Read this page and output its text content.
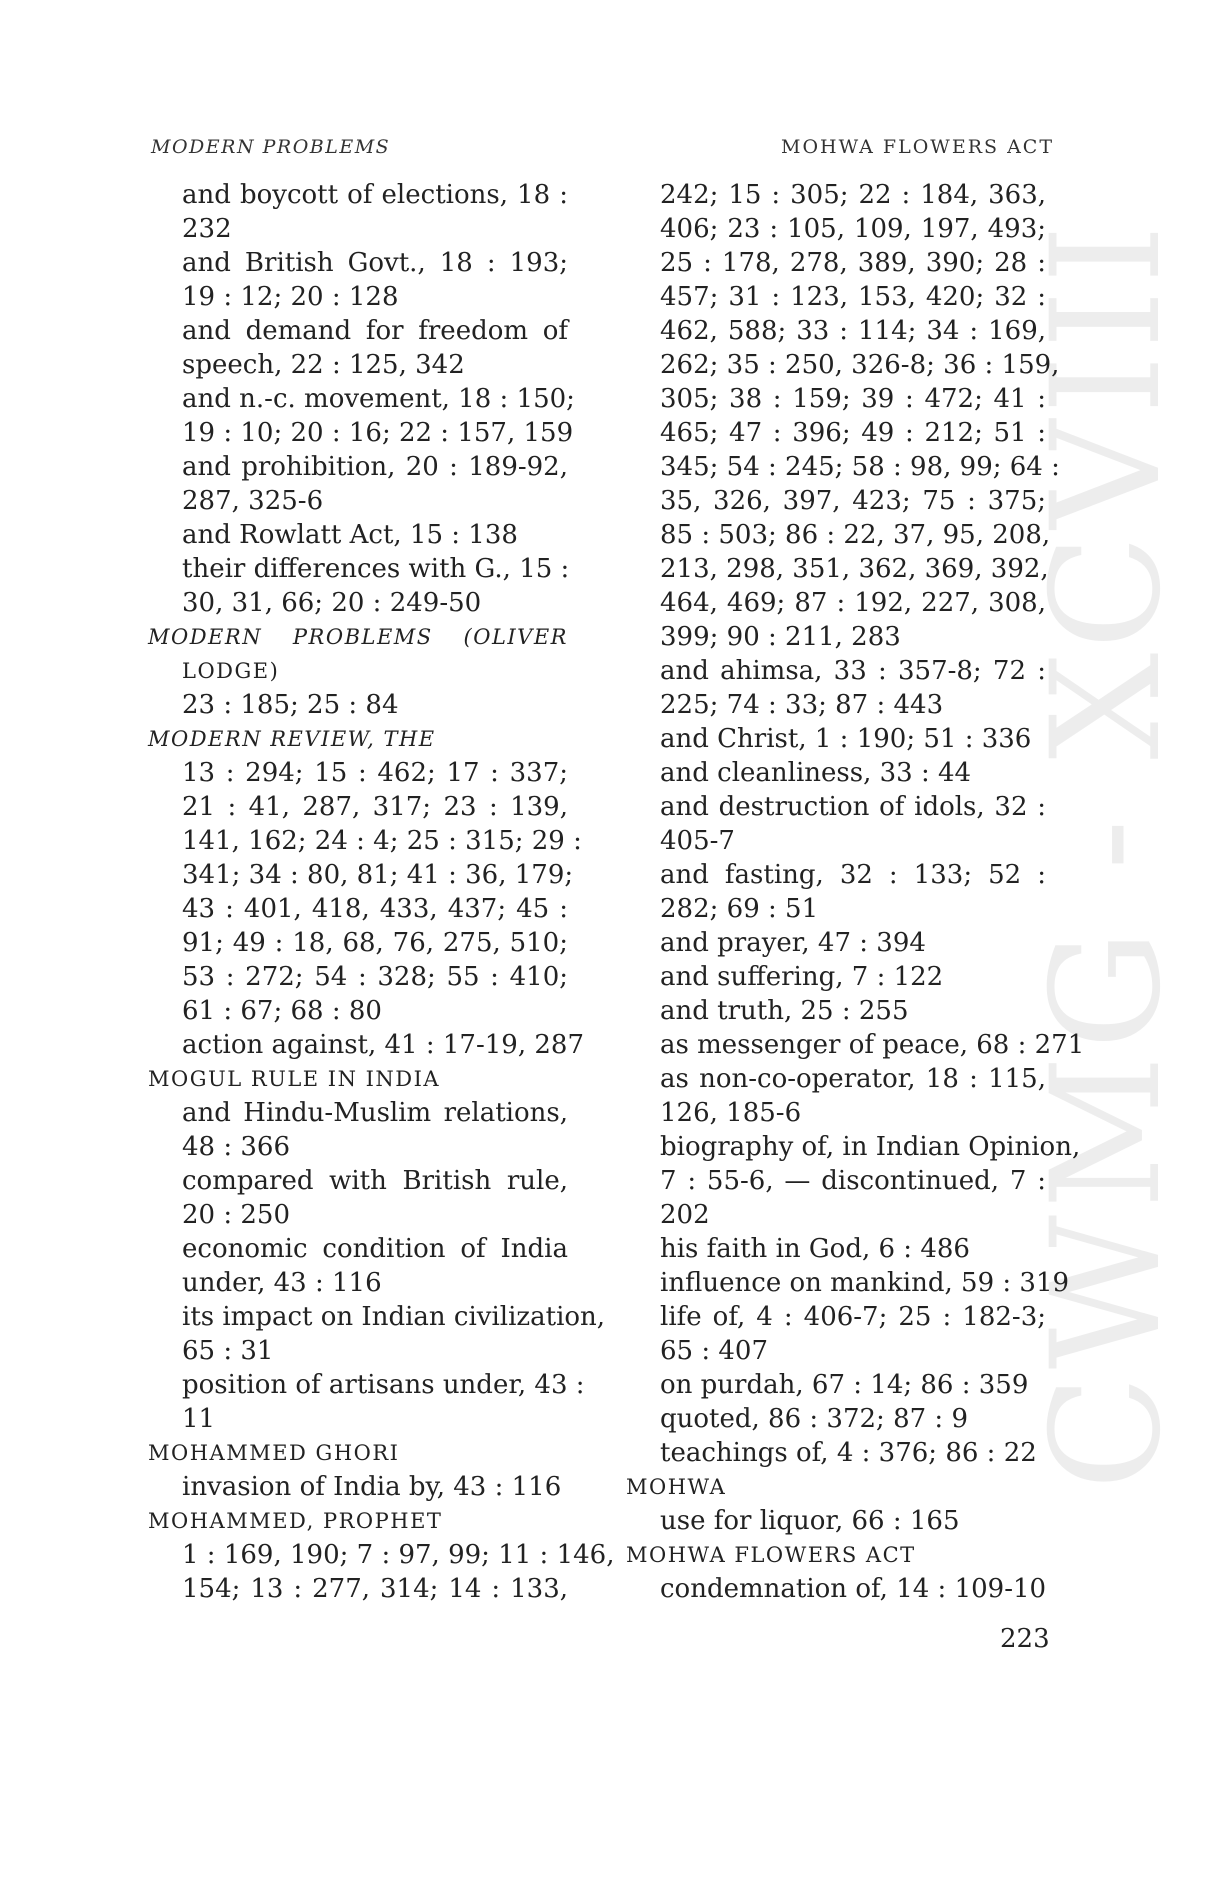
CWMG - XCVIII
MODERN PROBLEMS	MOHWA FLOWERS ACT
and boycott of elections, 18 :
232
and British Govt., 18 : 193;
19 : 12; 20 : 128
and demand for freedom of
speech, 22 : 125, 342
and n.-c. movement, 18 : 150;
19 : 10; 20 : 16; 22 : 157, 159
and prohibition, 20 : 189-92,
287, 325-6
and Rowlatt Act, 15 : 138
their differences with G., 15 :
30, 31, 66; 20 : 249-50
MODERN PROBLEMS (OLIVER
LODGE)
23 : 185; 25 : 84
MODERN REVIEW, THE
13 : 294; 15 : 462; 17 : 337;
21 : 41, 287, 317; 23 : 139,
141, 162; 24 : 4; 25 : 315; 29 :
341; 34 : 80, 81; 41 : 36, 179;
43 : 401, 418, 433, 437; 45 :
91; 49 : 18, 68, 76, 275, 510;
53 : 272; 54 : 328; 55 : 410;
61 : 67; 68 : 80
action against, 41 : 17-19, 287
MOGUL RULE IN INDIA
and Hindu-Muslim relations,
48 : 366
compared with British rule,
20 : 250
economic condition of India
under, 43 : 116
its impact on Indian civilization,
65 : 31
position of artisans under, 43 :
11
MOHAMMED GHORI
invasion of India by, 43 : 116
MOHAMMED, PROPHET
1 : 169, 190; 7 : 97, 99; 11 : 146,
154; 13 : 277, 314; 14 : 133,
242; 15 : 305; 22 : 184, 363,
406; 23 : 105, 109, 197, 493;
25 : 178, 278, 389, 390; 28 :
457; 31 : 123, 153, 420; 32 :
462, 588; 33 : 114; 34 : 169,
262; 35 : 250, 326-8; 36 : 159,
305; 38 : 159; 39 : 472; 41 :
465; 47 : 396; 49 : 212; 51 :
345; 54 : 245; 58 : 98, 99; 64 :
35, 326, 397, 423; 75 : 375;
85 : 503; 86 : 22, 37, 95, 208,
213, 298, 351, 362, 369, 392,
464, 469; 87 : 192, 227, 308,
399; 90 : 211, 283
and ahimsa, 33 : 357-8; 72 :
225; 74 : 33; 87 : 443
and Christ, 1 : 190; 51 : 336
and cleanliness, 33 : 44
and destruction of idols, 32 :
405-7
and fasting, 32 : 133; 52 :
282; 69 : 51
and prayer, 47 : 394
and suffering, 7 : 122
and truth, 25 : 255
as messenger of peace, 68 : 271
as non-co-operator, 18 : 115,
126, 185-6
biography of, in Indian Opinion,
7 : 55-6, — discontinued, 7 :
202
his faith in God, 6 : 486
influence on mankind, 59 : 319
life of, 4 : 406-7; 25 : 182-3;
65 : 407
on purdah, 67 : 14; 86 : 359
quoted, 86 : 372; 87 : 9
teachings of, 4 : 376; 86 : 22
MOHWA
use for liquor, 66 : 165
MOHWA FLOWERS ACT
condemnation of, 14 : 109-10
223
